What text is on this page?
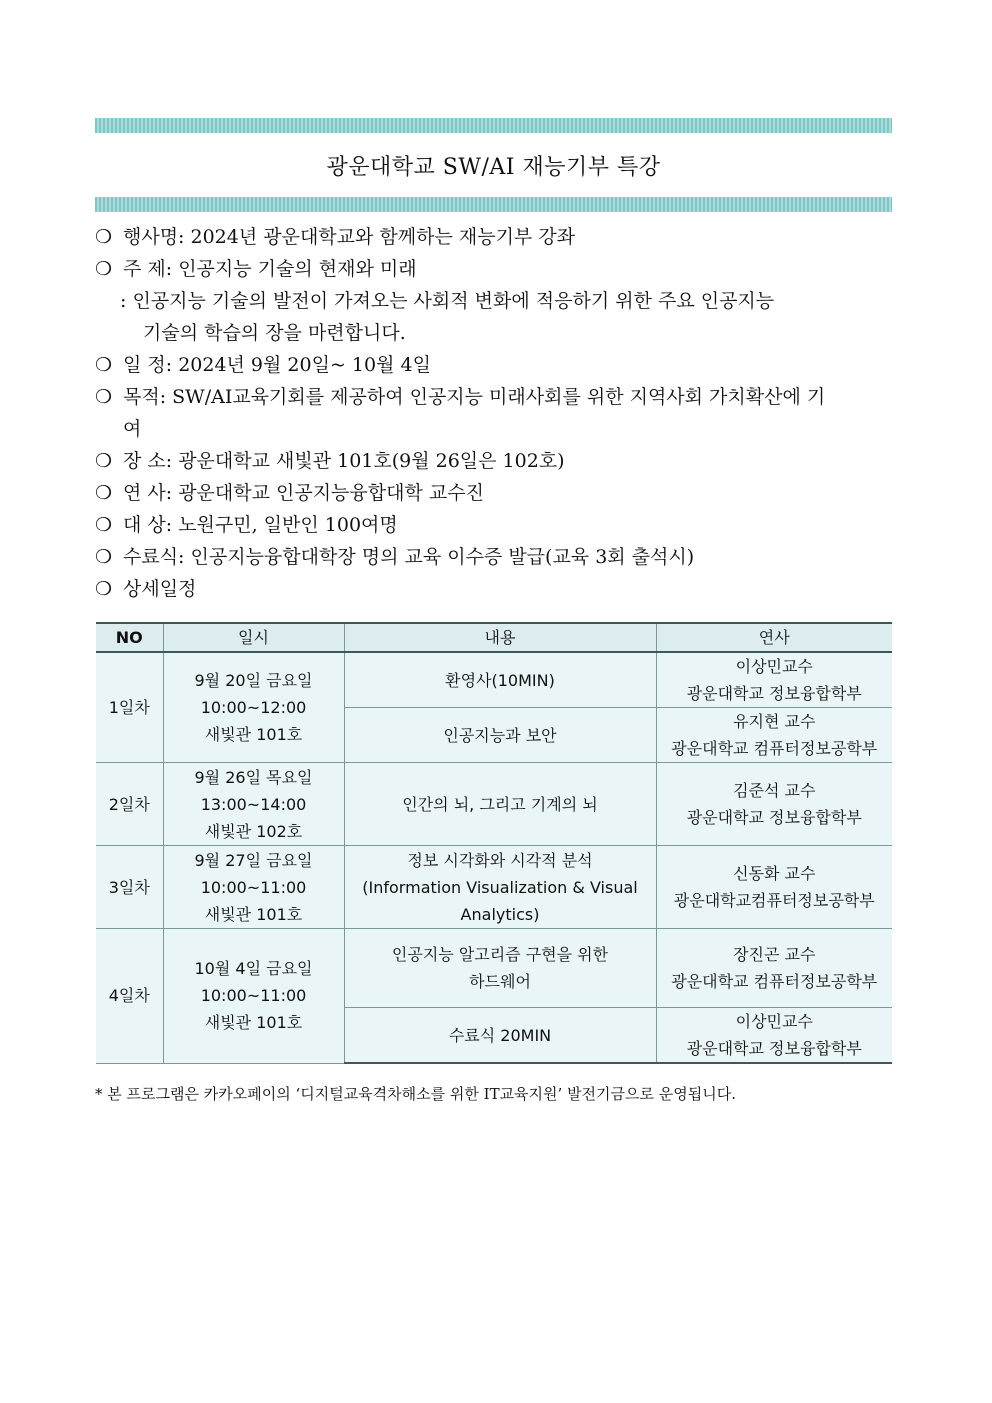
광운대학교 SW/AI 재능기부 특강
❍ 행사명: 2024년 광운대학교와 함께하는 재능기부 강좌
❍ 주 제: 인공지능 기술의 현재와 미래
: 인공지능 기술의 발전이 가져오는 사회적 변화에 적응하기 위한 주요 인공지능
기술의 학습의 장을 마련합니다.
❍ 일 정: 2024년 9월 20일~ 10월 4일
❍ 목적: SW/AI교육기회를 제공하여 인공지능 미래사회를 위한 지역사회 가치확산에 기
여
❍ 장 소: 광운대학교 새빛관 101호(9월 26일은 102호)
❍ 연 사: 광운대학교 인공지능융합대학 교수진
❍ 대 상: 노원구민, 일반인 100여명
❍ 수료식: 인공지능융합대학장 명의 교육 이수증 발급(교육 3회 출석시)
❍ 상세일정
NO	일시	내용	연사
1일차	9월 20일 금요일
10:00~12:00
새빛관 101호	환영사(10MIN)	이상민교수
광운대학교 정보융합학부

		인공지능과 보안	유지현 교수
광운대학교 컴퓨터정보공학부

2일차	9월 26일 목요일
13:00~14:00
새빛관 102호	인간의 뇌, 그리고 기계의 뇌	김준석 교수
광운대학교 정보융합학부

3일차	9월 27일 금요일
10:00~11:00
새빛관 101호	정보 시각화와 시각적 분석
(Information Visualization & Visual
Analytics)	신동화 교수
광운대학교컴퓨터정보공학부

4일차	10월 4일 금요일
10:00~11:00
새빛관 101호	인공지능 알고리즘 구현을 위한
하드웨어	장진곤 교수
광운대학교 컴퓨터정보공학부

		수료식 20MIN	이상민교수
광운대학교 정보융합학부
* 본 프로그램은 카카오페이의 ‘디지털교육격차해소를 위한 IT교육지원’ 발전기금으로 운영됩니다.
